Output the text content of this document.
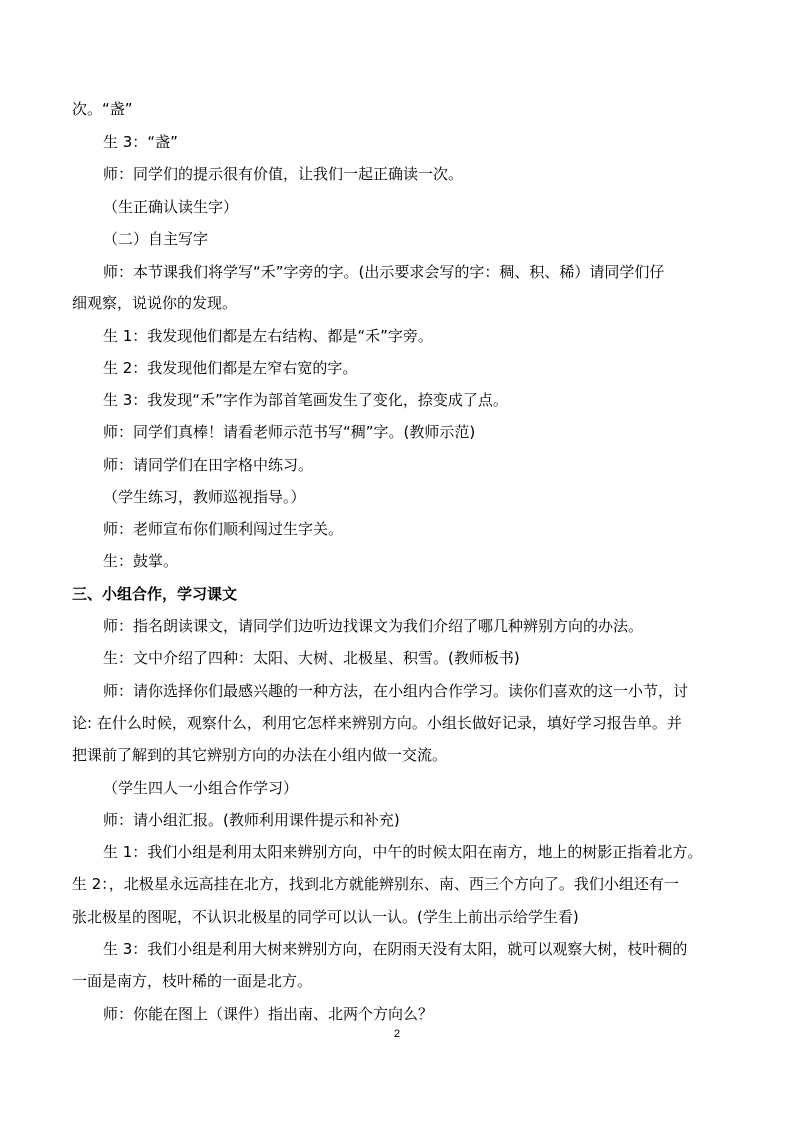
次。“盏”
生 3：“盏”
师：同学们的提示很有价值，让我们一起正确读一次。
（生正确认读生字）
（二）自主写字
师：本节课我们将学写“禾”字旁的字。(出示要求会写的字：稠、积、稀）请同学们仔
细观察，说说你的发现。
生 1：我发现他们都是左右结构、都是“禾”字旁。
生 2：我发现他们都是左窄右宽的字。
生 3：我发现“禾”字作为部首笔画发生了变化，捺变成了点。
师：同学们真棒！请看老师示范书写“稠”字。(教师示范)
师：请同学们在田字格中练习。
（学生练习，教师巡视指导。）
师：老师宣布你们顺利闯过生字关。
生：鼓掌。
三、小组合作，学习课文
师：指名朗读课文，请同学们边听边找课文为我们介绍了哪几种辨别方向的办法。
生：文中介绍了四种：太阳、大树、北极星、积雪。(教师板书)
师：请你选择你们最感兴趣的一种方法，在小组内合作学习。读你们喜欢的这一小节，讨
论: 在什么时候，观察什么，利用它怎样来辨别方向。小组长做好记录，填好学习报告单。并
把课前了解到的其它辨别方向的办法在小组内做一交流。
（学生四人一小组合作学习）
师：请小组汇报。(教师利用课件提示和补充)
生 1：我们小组是利用太阳来辨别方向，中午的时候太阳在南方，地上的树影正指着北方。
生 2：，北极星永远高挂在北方，找到北方就能辨别东、南、西三个方向了。我们小组还有一
张北极星的图呢，不认识北极星的同学可以认一认。(学生上前出示给学生看)
生 3：我们小组是利用大树来辨别方向，在阴雨天没有太阳，就可以观察大树，枝叶稠的
一面是南方，枝叶稀的一面是北方。
师：你能在图上（课件）指出南、北两个方向么？
2
